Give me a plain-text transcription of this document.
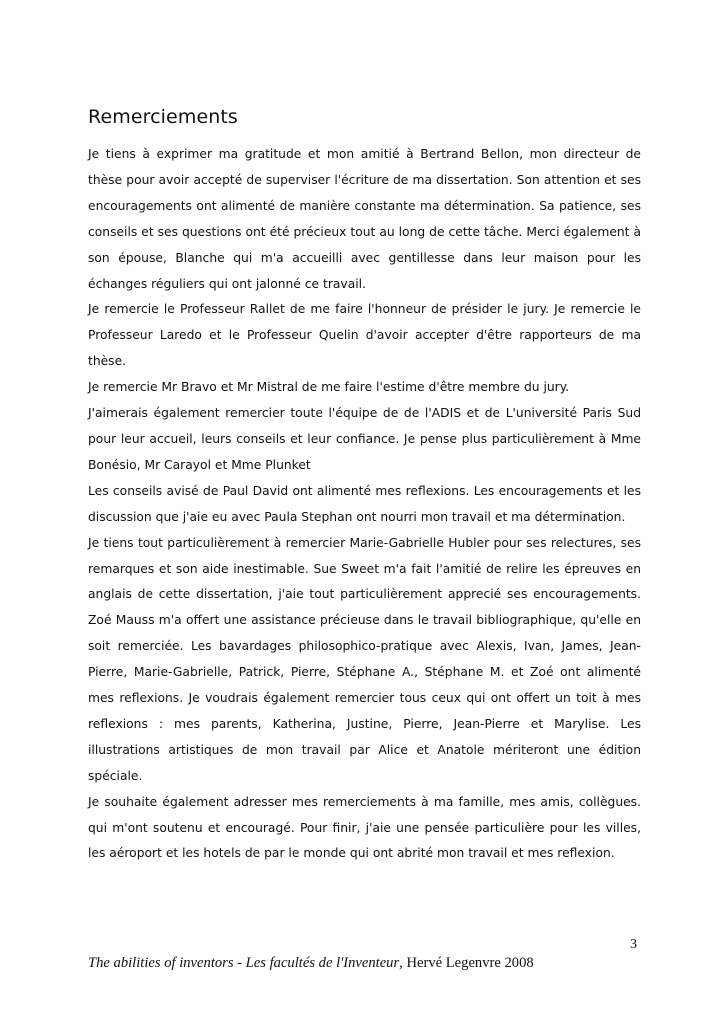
Remerciements

Je tiens à exprimer ma gratitude et mon amitié à Bertrand Bellon, mon directeur de thèse pour avoir accepté de superviser l'écriture de ma dissertation. Son attention et ses encouragements ont alimenté de manière constante ma détermination. Sa patience, ses conseils et ses questions ont été précieux tout au long de cette tâche. Merci également à son épouse, Blanche qui m'a accueilli avec gentillesse dans leur maison pour les échanges réguliers qui ont jalonné ce travail.

Je remercie le Professeur Rallet de me faire l'honneur de présider le jury. Je remercie le Professeur Laredo et le Professeur Quelin d'avoir accepter d'être rapporteurs de ma thèse.

Je remercie Mr Bravo et Mr Mistral de me faire l'estime d'être membre du jury.

J'aimerais également remercier toute l'équipe de de l'ADIS et de L'université Paris Sud pour leur accueil, leurs conseils et leur confiance. Je pense plus particulièrement à Mme Bonésio, Mr Carayol et Mme Plunket

Les conseils avisé de Paul David ont alimenté mes reflexions. Les encouragements et les discussion que j'aie eu avec Paula Stephan ont nourri mon travail et ma détermination.

Je tiens tout particulièrement à remercier Marie-Gabrielle Hubler pour ses relectures, ses remarques et son aide inestimable. Sue Sweet m'a fait l'amitié de relire les épreuves en anglais de cette dissertation, j'aie tout particulièrement apprecié ses encouragements. Zoé Mauss m'a offert une assistance précieuse dans le travail bibliographique, qu'elle en soit remerciée. Les bavardages philosophico-pratique avec Alexis, Ivan, James, Jean-Pierre, Marie-Gabrielle, Patrick, Pierre, Stéphane A., Stéphane M. et Zoé ont alimenté mes reflexions. Je voudrais également remercier tous ceux qui ont offert un toit à mes reflexions : mes parents, Katherina, Justine, Pierre, Jean-Pierre et Marylise. Les illustrations artistiques de mon travail par Alice et Anatole mériteront une édition spéciale.

Je souhaite également adresser mes remerciements à ma famille, mes amis, collègues. qui m'ont soutenu et encouragé. Pour finir, j'aie une pensée particulière pour les villes, les aéroport et les hotels de par le monde qui ont abrité mon travail et mes reflexion.

3
The abilities of inventors - Les facultés de l'Inventeur, Hervé Legenvre 2008
